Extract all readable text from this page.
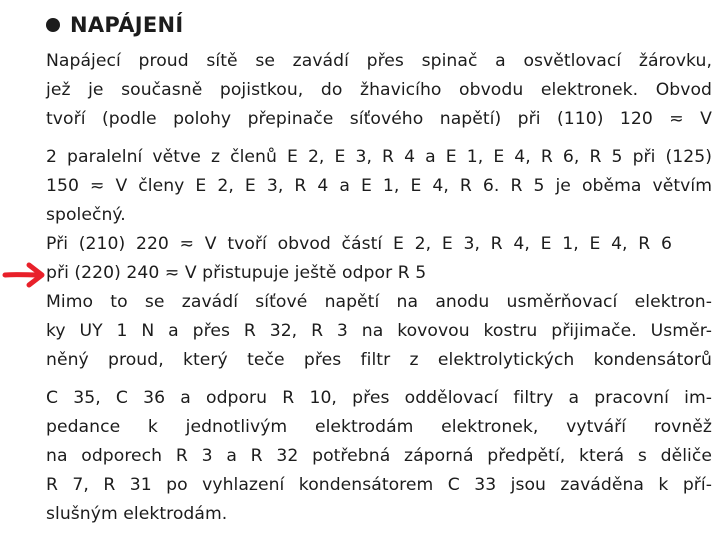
NAPÁJENÍ
Napájecí proud sítě se zavádí přes spinač a osvětlovací žárovku,
jež je současně pojistkou, do žhavicího obvodu elektronek. Obvod
tvoří (podle polohy přepinače síťového napětí) při (110) 120 ≂ V
2 paralelní větve z členů E 2, E 3, R 4 a E 1, E 4, R 6, R 5 při (125)
150 ≂ V členy E 2, E 3, R 4 a E 1, E 4, R 6. R 5 je oběma větvím
společný.
Při (210) 220 ≂ V tvoří obvod částí E 2, E 3, R 4, E 1, E 4, R 6
při (220) 240 ≂ V přistupuje ještě odpor R 5
Mimo to se zavádí síťové napětí na anodu usměrňovací elektron-
ky UY 1 N a přes R 32, R 3 na kovovou kostru přijimače. Usměr-
něný proud, který teče přes filtr z elektrolytických kondensátorů
C 35, C 36 a odporu R 10, přes oddělovací filtry a pracovní im-
pedance k jednotlivým elektrodám elektronek, vytváří rovněž
na odporech R 3 a R 32 potřebná záporná předpětí, která s děliče
R 7, R 31 po vyhlazení kondensátorem C 33 jsou zaváděna k pří-
slušným elektrodám.
